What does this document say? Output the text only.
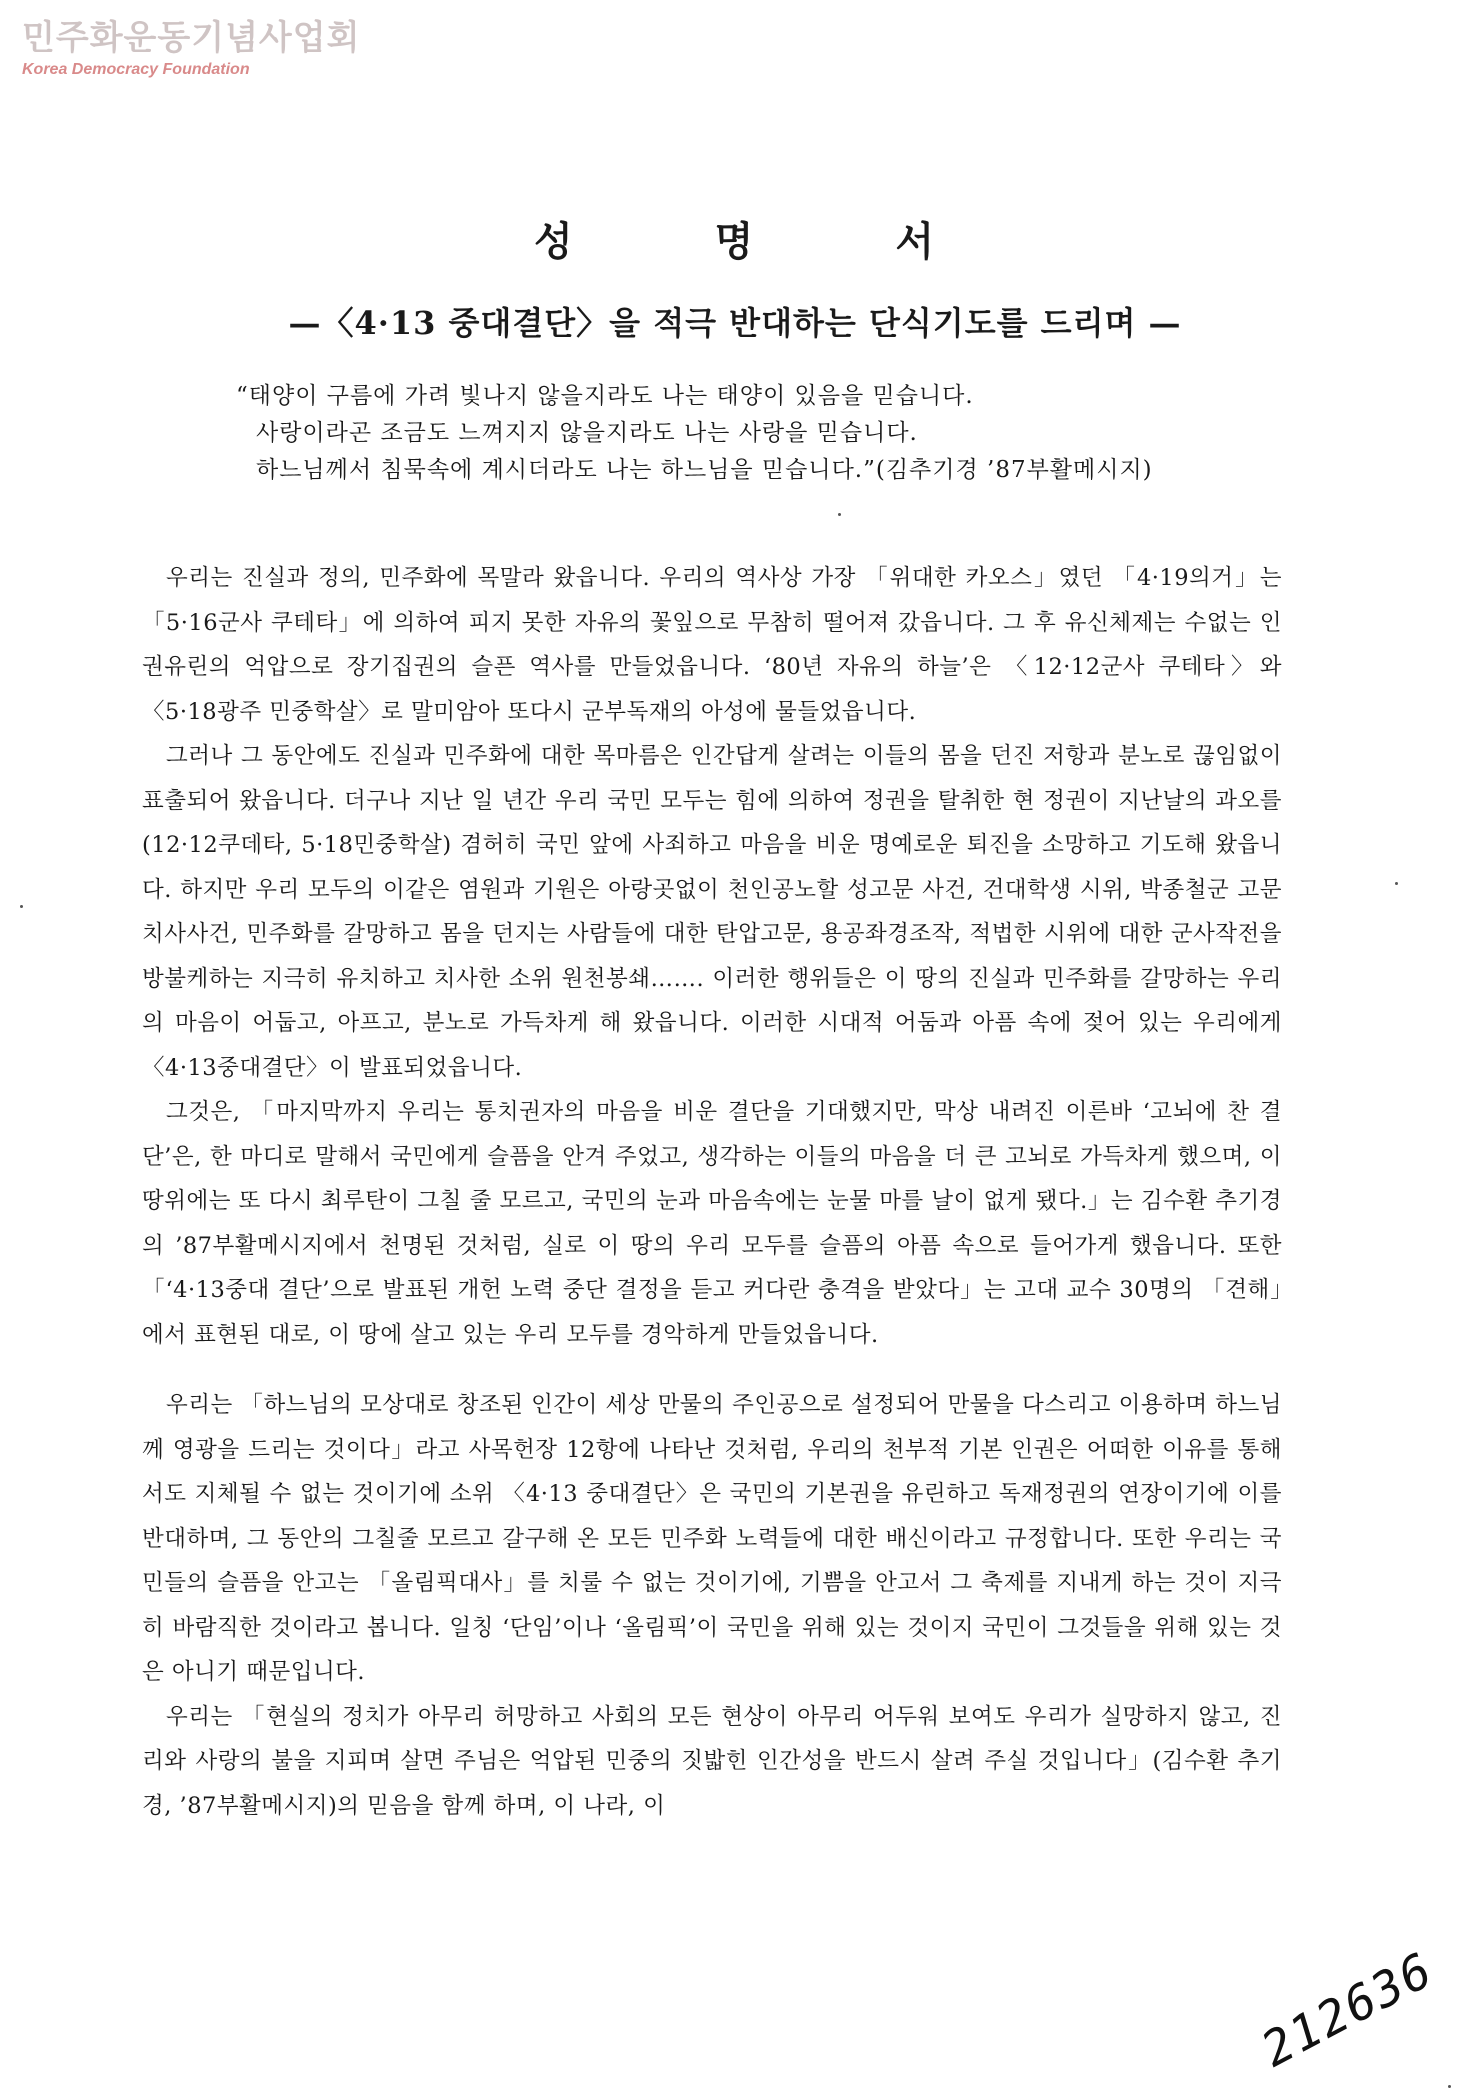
민주화운동기념사업회
Korea Democracy Foundation
성	명	서
—〈4·13 중대결단〉을 적극 반대하는 단식기도를 드리며 —
“태양이 구름에 가려 빛나지 않을지라도 나는 태양이 있음을 믿습니다.
사랑이라곤 조금도 느껴지지 않을지라도 나는 사랑을 믿습니다.
하느님께서 침묵속에 계시더라도 나는 하느님을 믿습니다.”(김추기경 ’87부활메시지)

우리는 진실과 정의, 민주화에 목말라 왔읍니다. 우리의 역사상 가장 「위대한 카오스」였던 「4·19의거」는 「5·16군사 쿠테타」에 의하여 피지 못한 자유의 꽃잎으로 무참히 떨어져 갔읍니다. 그 후 유신체제는 수없는 인권유린의 억압으로 장기집권의 슬픈 역사를 만들었읍니다. ‘80년 자유의 하늘’은 〈12·12군사 쿠테타〉와 〈5·18광주 민중학살〉로 말미암아 또다시 군부독재의 아성에 물들었읍니다.

그러나 그 동안에도 진실과 민주화에 대한 목마름은 인간답게 살려는 이들의 몸을 던진 저항과 분노로 끊임없이 표출되어 왔읍니다. 더구나 지난 일 년간 우리 국민 모두는 힘에 의하여 정권을 탈취한 현 정권이 지난날의 과오를(12·12쿠데타, 5·18민중학살) 겸허히 국민 앞에 사죄하고 마음을 비운 명예로운 퇴진을 소망하고 기도해 왔읍니다. 하지만 우리 모두의 이같은 염원과 기원은 아랑곳없이 천인공노할 성고문 사건, 건대학생 시위, 박종철군 고문치사사건, 민주화를 갈망하고 몸을 던지는 사람들에 대한 탄압고문, 용공좌경조작, 적법한 시위에 대한 군사작전을 방불케하는 지극히 유치하고 치사한 소위 원천봉쇄……. 이러한 행위들은 이 땅의 진실과 민주화를 갈망하는 우리의 마음이 어둡고, 아프고, 분노로 가득차게 해 왔읍니다. 이러한 시대적 어둠과 아픔 속에 젖어 있는 우리에게 〈4·13중대결단〉이 발표되었읍니다.

그것은, 「마지막까지 우리는 통치권자의 마음을 비운 결단을 기대했지만, 막상 내려진 이른바 ‘고뇌에 찬 결단’은, 한 마디로 말해서 국민에게 슬픔을 안겨 주었고, 생각하는 이들의 마음을 더 큰 고뇌로 가득차게 했으며, 이 땅위에는 또 다시 최루탄이 그칠 줄 모르고, 국민의 눈과 마음속에는 눈물 마를 날이 없게 됐다.」는 김수환 추기경의 ’87부활메시지에서 천명된 것처럼, 실로 이 땅의 우리 모두를 슬픔의 아픔 속으로 들어가게 했읍니다. 또한 「‘4·13중대 결단’으로 발표된 개헌 노력 중단 결정을 듣고 커다란 충격을 받았다」는 고대 교수 30명의 「견해」에서 표현된 대로, 이 땅에 살고 있는 우리 모두를 경악하게 만들었읍니다.

우리는 「하느님의 모상대로 창조된 인간이 세상 만물의 주인공으로 설정되어 만물을 다스리고 이용하며 하느님께 영광을 드리는 것이다」라고 사목헌장 12항에 나타난 것처럼, 우리의 천부적 기본 인권은 어떠한 이유를 통해서도 지체될 수 없는 것이기에 소위 〈4·13 중대결단〉은 국민의 기본권을 유린하고 독재정권의 연장이기에 이를 반대하며, 그 동안의 그칠줄 모르고 갈구해 온 모든 민주화 노력들에 대한 배신이라고 규정합니다. 또한 우리는 국민들의 슬픔을 안고는 「올림픽대사」를 치룰 수 없는 것이기에, 기쁨을 안고서 그 축제를 지내게 하는 것이 지극히 바람직한 것이라고 봅니다. 일칭 ‘단임’이나 ‘올림픽’이 국민을 위해 있는 것이지 국민이 그것들을 위해 있는 것은 아니기 때문입니다.

우리는 「현실의 정치가 아무리 허망하고 사회의 모든 현상이 아무리 어두워 보여도 우리가 실망하지 않고, 진리와 사랑의 불을 지피며 살면 주님은 억압된 민중의 짓밟힌 인간성을 반드시 살려 주실 것입니다」(김수환 추기경, ’87부활메시지)의 믿음을 함께 하며, 이 나라, 이

212636
